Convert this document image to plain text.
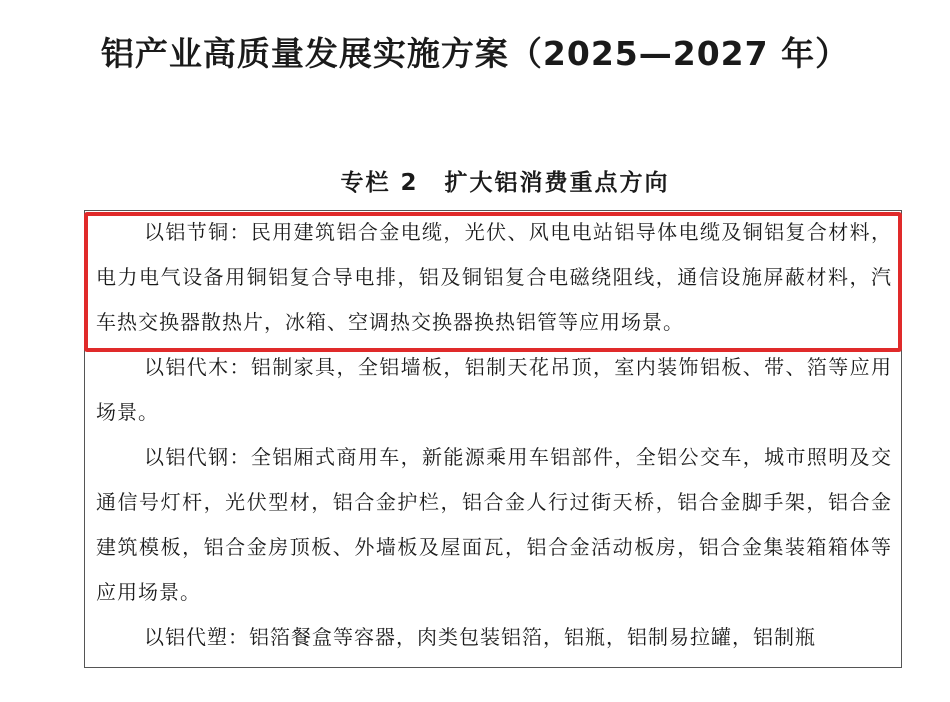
铝产业高质量发展实施方案（2025—2027 年）
专栏 2 扩大铝消费重点方向

以铝节铜：民用建筑铝合金电缆，光伏、风电电站铝导体电缆及铜铝复合材料，电力电气设备用铜铝复合导电排，铝及铜铝复合电磁绕阻线，通信设施屏蔽材料，汽车热交换器散热片，冰箱、空调热交换器换热铝管等应用场景。

以铝代木：铝制家具，全铝墙板，铝制天花吊顶，室内装饰铝板、带、箔等应用场景。

以铝代钢：全铝厢式商用车，新能源乘用车铝部件，全铝公交车，城市照明及交通信号灯杆，光伏型材，铝合金护栏，铝合金人行过街天桥，铝合金脚手架，铝合金建筑模板，铝合金房顶板、外墙板及屋面瓦，铝合金活动板房，铝合金集装箱箱体等应用场景。

以铝代塑：铝箔餐盒等容器，肉类包装铝箔，铝瓶，铝制易拉罐，铝制瓶
